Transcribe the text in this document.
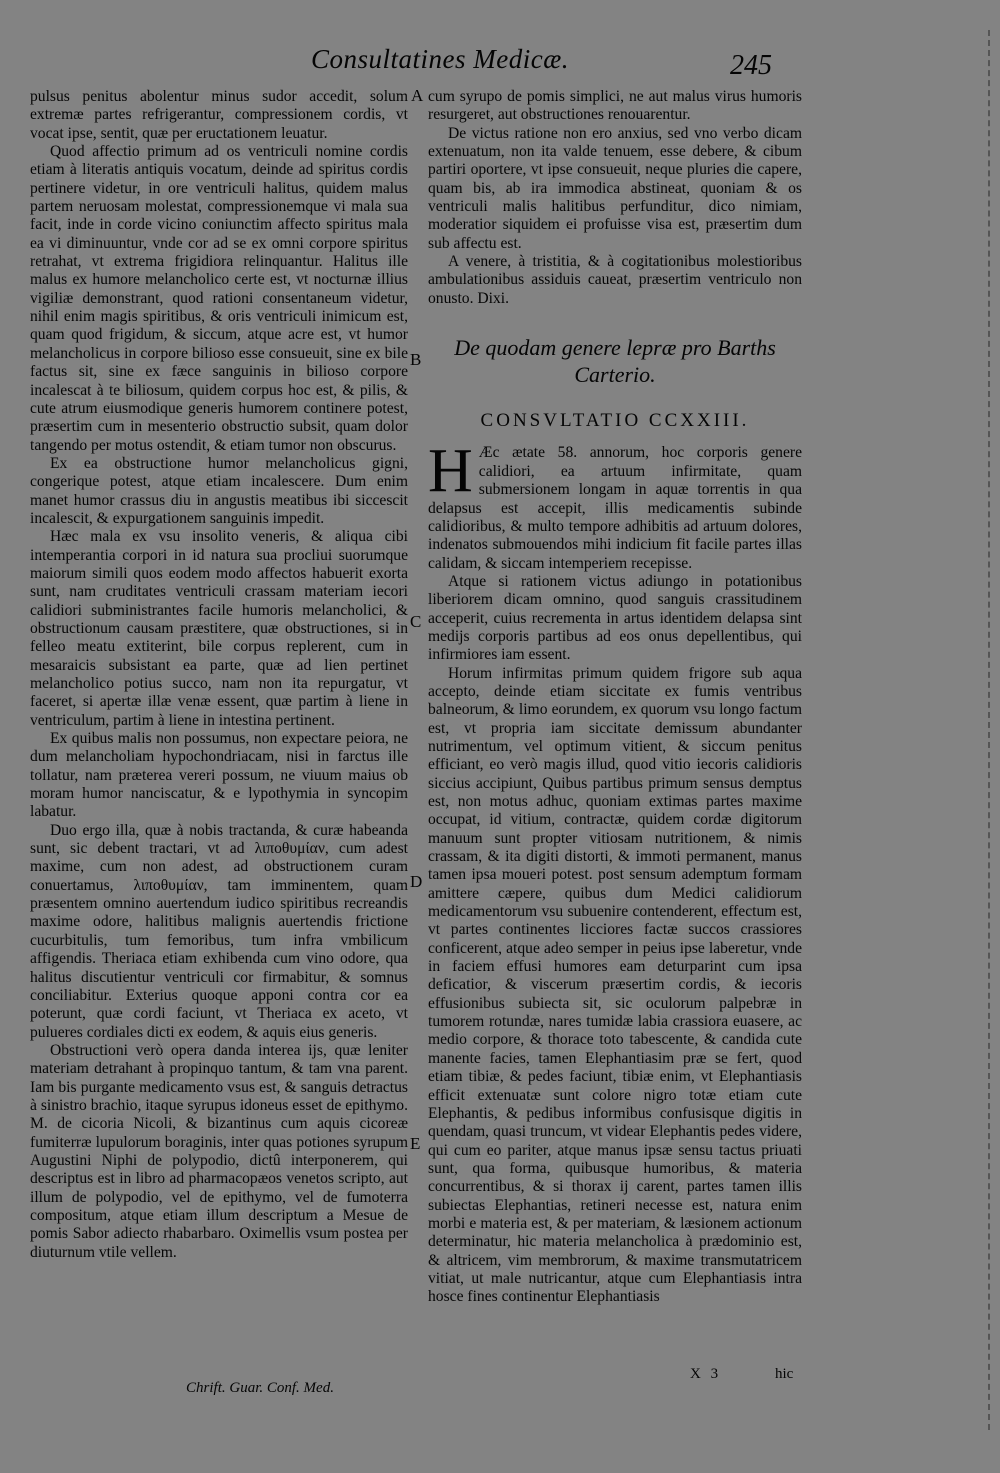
Consultatines Medicæ.	245

pulsus penitus abolentur minus sudor accedit, solum extremæ partes refrigerantur, compressionem cordis, vt vocat ipse, sentit, quæ per eructationem leuatur.

Quod affectio primum ad os ventriculi nomine cordis etiam à literatis antiquis vocatum, deinde ad spiritus cordis pertinere videtur, in ore ventriculi halitus, quidem malus partem neruosam molestat, compressionemque vi mala sua facit, inde in corde vicino coniunctim affecto spiritus mala ea vi diminuuntur, vnde cor ad se ex omni corpore spiritus retrahat, vt extrema frigidiora relinquantur. Halitus ille malus ex humore melancholico certe est, vt nocturnæ illius vigiliæ demonstrant, quod rationi consentaneum videtur, nihil enim magis spiritibus, & oris ventriculi inimicum est, quam quod frigidum, & siccum, atque acre est, vt humor melancholicus in corpore bilioso esse consueuit, sine ex bile factus sit, sine ex fæce sanguinis in bilioso corpore incalescat à te biliosum, quidem corpus hoc est, & pilis, & cute atrum eiusmodique generis humorem continere potest, præsertim cum in mesenterio obstructio subsit, quam dolor tangendo per motus ostendit, & etiam tumor non obscurus.

Ex ea obstructione humor melancholicus gigni, congerique potest, atque etiam incalescere. Dum enim manet humor crassus diu in angustis meatibus ibi siccescit incalescit, & expurgationem sanguinis impedit.

Hæc mala ex vsu insolito veneris, & aliqua cibi intemperantia corpori in id natura sua procliui suorumque maiorum simili quos eodem modo affectos habuerit exorta sunt, nam cruditates ventriculi crassam materiam iecori calidiori subministrantes facile humoris melancholici, & obstructionum causam præstitere, quæ obstructiones, si in felleo meatu extiterint, bile corpus replerent, cum in mesaraicis subsistant ea parte, quæ ad lien pertinet melancholico potius succo, nam non ita repurgatur, vt faceret, si apertæ illæ venæ essent, quæ partim à liene in ventriculum, partim à liene in intestina pertinent.

Ex quibus malis non possumus, non expectare peiora, ne dum melancholiam hypochondriacam, nisi in farctus ille tollatur, nam præterea vereri possum, ne viuum maius ob moram humor nanciscatur, & e lypothymia in syncopim labatur.

Duo ergo illa, quæ à nobis tractanda, & curæ habeanda sunt, sic debent tractari, vt ad λιποθυμίαν, cum adest maxime, cum non adest, ad obstructionem curam conuertamus, λιποθυμίαν, tam imminentem, quam præsentem omnino auertendum iudico spiritibus recreandis maxime odore, halitibus malignis auertendis frictione cucurbitulis, tum femoribus, tum infra vmbilicum affigendis. Theriaca etiam exhibenda cum vino odore, qua halitus discutientur ventriculi cor firmabitur, & somnus conciliabitur. Exterius quoque apponi contra cor ea poterunt, quæ cordi faciunt, vt Theriaca ex aceto, vt pulueres cordiales dicti ex eodem, & aquis eius generis.

Obstructioni verò opera danda interea ijs, quæ leniter materiam detrahant à propinquo tantum, & tam vna parent. Iam bis purgante medicamento vsus est, & sanguis detractus à sinistro brachio, itaque syrupus idoneus esset de epithymo. M. de cicoria Nicoli, & bizantinus cum aquis cicoreæ fumiterræ lupulorum boraginis, inter quas potiones syrupum Augustini Niphi de polypodio, dictû interponerem, qui descriptus est in libro ad pharmacopæos venetos scripto, aut illum de polypodio, vel de epithymo, vel de fumoterra compositum, atque etiam illum descriptum a Mesue de pomis Sabor adiecto rhabarbaro. Oximellis vsum postea per diuturnum vtile vellem.

A
B
C
D
E

cum syrupo de pomis simplici, ne aut malus virus humoris resurgeret, aut obstructiones renouarentur.

De victus ratione non ero anxius, sed vno verbo dicam extenuatum, non ita valde tenuem, esse debere, & cibum partiri oportere, vt ipse consueuit, neque pluries die capere, quam bis, ab ira immodica abstineat, quoniam & os ventriculi malis halitibus perfunditur, dico nimiam, moderatior siquidem ei profuisse visa est, præsertim dum sub affectu est.

A venere, à tristitia, & à cogitationibus molestioribus ambulationibus assiduis caueat, præsertim ventriculo non onusto. Dixi.

De quodam genere lepræ pro Barths Carterio.
CONSVLTATIO CCXXIII.

H Æc ætate 58. annorum, hoc corporis genere calidiori, ea artuum infirmitate, quam submersionem longam in aquæ torrentis in qua delapsus est accepit, illis medicamentis subinde calidioribus, & multo tempore adhibitis ad artuum dolores, indenatos submouendos mihi indicium fit facile partes illas calidam, & siccam intemperiem recepisse.

Atque si rationem victus adiungo in potationibus liberiorem dicam omnino, quod sanguis crassitudinem acceperit, cuius recrementa in artus identidem delapsa sint medijs corporis partibus ad eos onus depellentibus, qui infirmiores iam essent.

Horum infirmitas primum quidem frigore sub aqua accepto, deinde etiam siccitate ex fumis ventribus balneorum, & limo eorundem, ex quorum vsu longo factum est, vt propria iam siccitate demissum abundanter nutrimentum, vel optimum vitient, & siccum penitus efficiant, eo verò magis illud, quod vitio iecoris calidioris siccius accipiunt, Quibus partibus primum sensus demptus est, non motus adhuc, quoniam extimas partes maxime occupat, id vitium, contractæ, quidem cordæ digitorum manuum sunt propter vitiosam nutritionem, & nimis crassam, & ita digiti distorti, & immoti permanent, manus tamen ipsa moueri potest. post sensum ademptum formam amittere cæpere, quibus dum Medici calidiorum medicamentorum vsu subuenire contenderent, effectum est, vt partes continentes licciores factæ succos crassiores conficerent, atque adeo semper in peius ipse laberetur, vnde in faciem effusi humores eam deturparint cum ipsa deficatior, & viscerum præsertim cordis, & iecoris effusionibus subiecta sit, sic oculorum palpebræ in tumorem rotundæ, nares tumidæ labia crassiora euasere, ac medio corpore, & thorace toto tabescente, & candida cute manente facies, tamen Elephantiasim præ se fert, quod etiam tibiæ, & pedes faciunt, tibiæ enim, vt Elephantiasis efficit extenuatæ sunt colore nigro totæ etiam cute Elephantis, & pedibus informibus confusisque digitis in quendam, quasi truncum, vt videar Elephantis pedes videre, qui cum eo pariter, atque manus ipsæ sensu tactus priuati sunt, qua forma, quibusque humoribus, & materia concurrentibus, & si thorax ij carent, partes tamen illis subiectas Elephantias, retineri necesse est, natura enim morbi e materia est, & per materiam, & læsionem actionum determinatur, hic materia melancholica à prædominio est, & altricem, vim membrorum, & maxime transmutatricem vitiat, ut male nutricantur, atque cum Elephantiasis intra hosce fines continentur Elephantiasis

Chrift. Guar. Conf. Med.
X 3	hic
